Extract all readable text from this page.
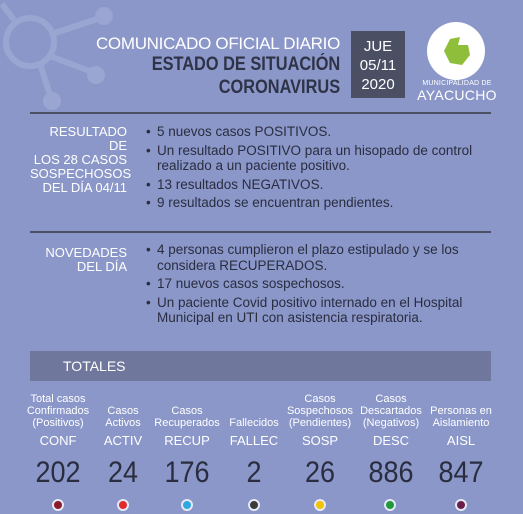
COMUNICADO OFICIAL DIARIO
ESTADO DE SITUACIÓN
CORONAVIRUS
JUE
05/11
2020	MUNICIPALIDAD DE
AYACUCHO
RESULTADO DE
LOS 28 CASOS
SOSPECHOSOS
DEL DÍA 04/11
• 5 nuevos casos POSITIVOS.
• Un resultado POSITIVO para un hisopado de control realizado a un paciente positivo.
• 13 resultados NEGATIVOS.
• 9 resultados se encuentran pendientes.
NOVEDADES
DEL DÍA
• 4 personas cumplieron el plazo estipulado y se los considera RECUPERADOS.
• 17 nuevos casos sospechosos.
• Un paciente Covid positivo internado en el Hospital Municipal en UTI con asistencia respiratoria.
TOTALES
Total casos Confirmados (Positivos)
CONF
202
Casos Activos
ACTIV
24
Casos Recuperados
RECUP
176
Fallecidos
FALLEC
2
Casos Sospechosos (Pendientes)
SOSP
26
Casos Descartados (Negativos)
DESC
886
Personas en Aislamiento
AISL
847
